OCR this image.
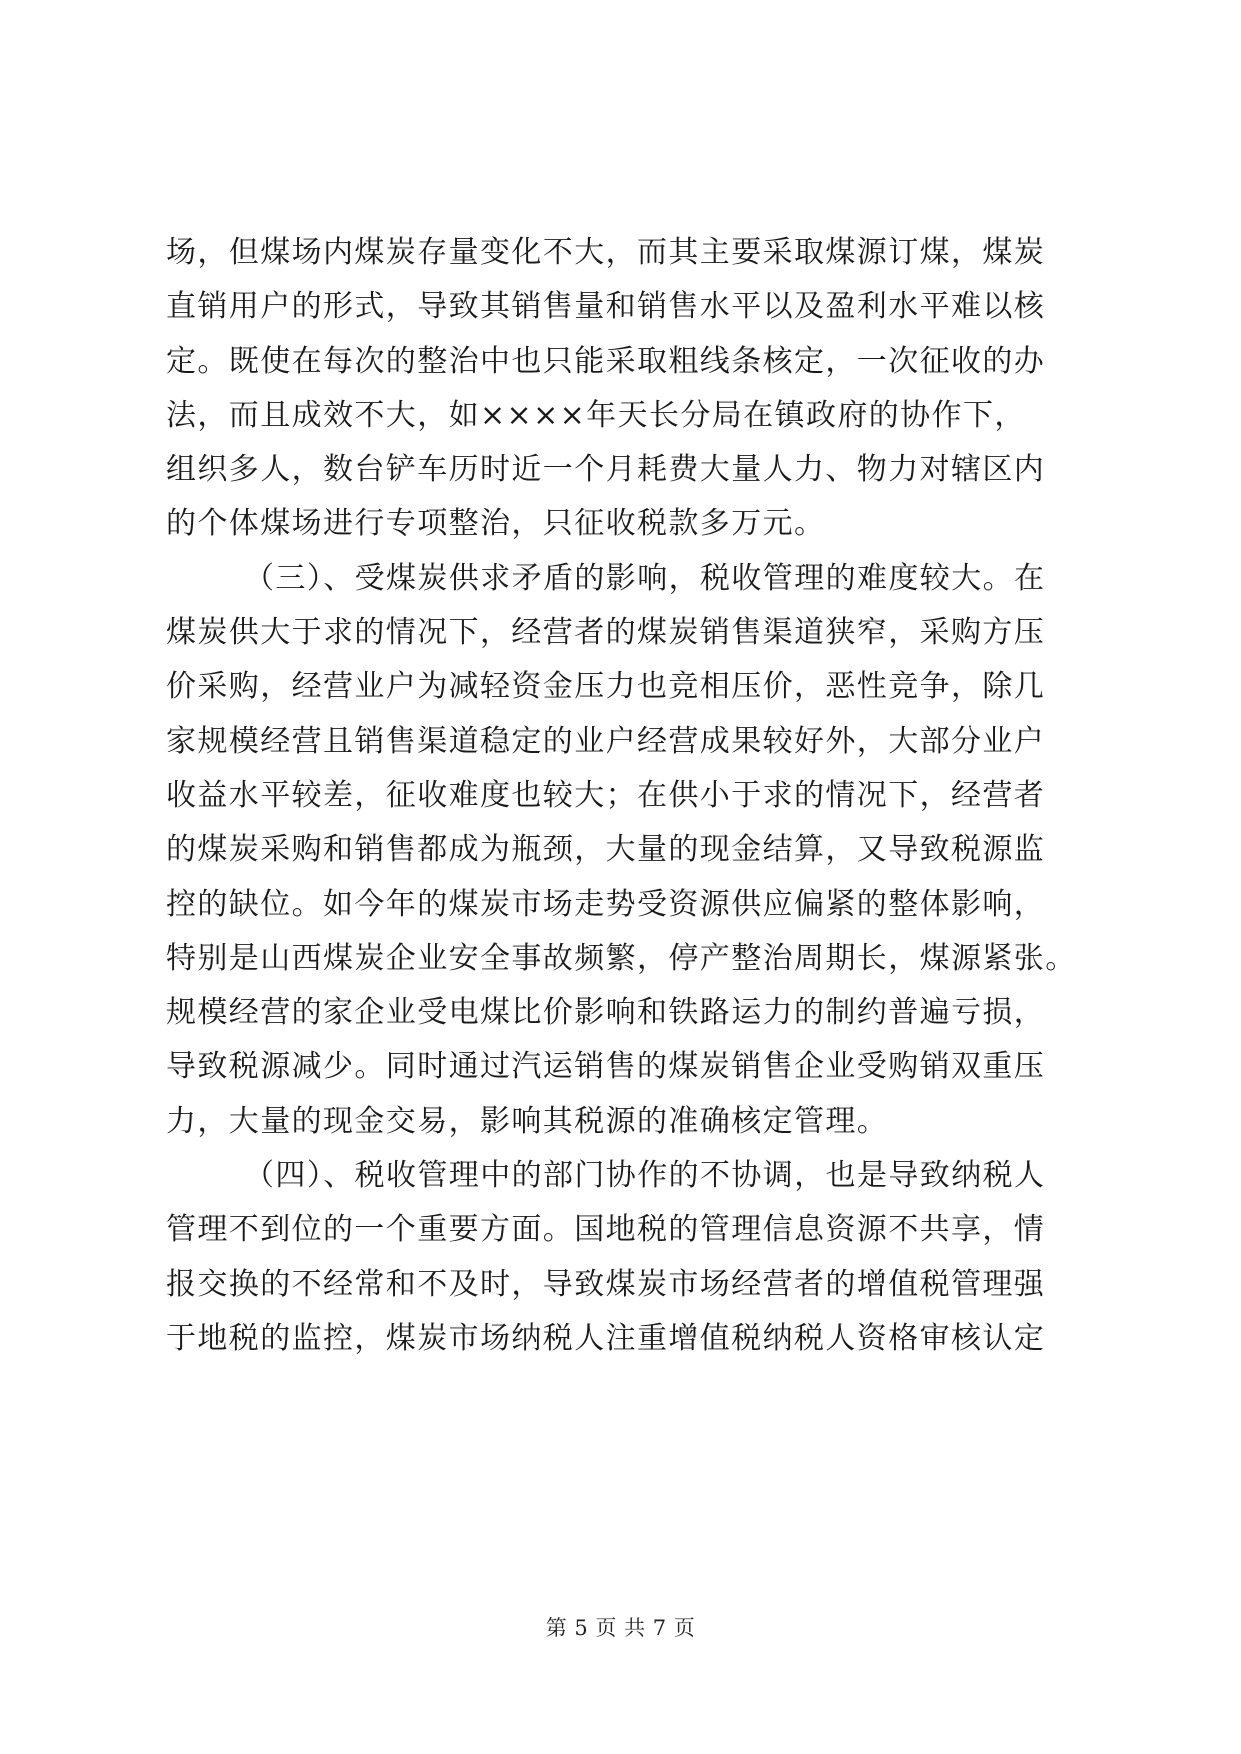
场，但煤场内煤炭存量变化不大，而其主要采取煤源订煤，煤炭
直销用户的形式，导致其销售量和销售水平以及盈利水平难以核
定。既使在每次的整治中也只能采取粗线条核定，一次征收的办
法，而且成效不大，如××××年天长分局在镇政府的协作下，
组织多人，数台铲车历时近一个月耗费大量人力、物力对辖区内
的个体煤场进行专项整治，只征收税款多万元。
（三）、受煤炭供求矛盾的影响，税收管理的难度较大。在
煤炭供大于求的情况下，经营者的煤炭销售渠道狭窄，采购方压
价采购，经营业户为减轻资金压力也竞相压价，恶性竞争，除几
家规模经营且销售渠道稳定的业户经营成果较好外，大部分业户
收益水平较差，征收难度也较大；在供小于求的情况下，经营者
的煤炭采购和销售都成为瓶颈，大量的现金结算，又导致税源监
控的缺位。如今年的煤炭市场走势受资源供应偏紧的整体影响，
特别是山西煤炭企业安全事故频繁，停产整治周期长，煤源紧张。
规模经营的家企业受电煤比价影响和铁路运力的制约普遍亏损，
导致税源减少。同时通过汽运销售的煤炭销售企业受购销双重压
力，大量的现金交易，影响其税源的准确核定管理。
（四）、税收管理中的部门协作的不协调，也是导致纳税人
管理不到位的一个重要方面。国地税的管理信息资源不共享，情
报交换的不经常和不及时，导致煤炭市场经营者的增值税管理强
于地税的监控，煤炭市场纳税人注重增值税纳税人资格审核认定
第 5 页 共 7 页
